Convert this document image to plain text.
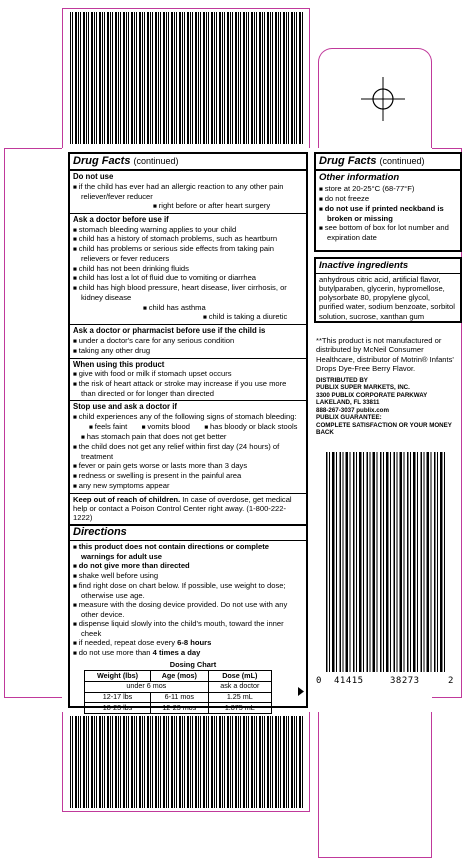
Drug Facts (continued)
Do not use

■ if the child has ever had an allergic reaction to any other pain reliever/fever reducer

■ right before or after heart surgery

Ask a doctor before use if

■ stomach bleeding warning applies to your child

■ child has a history of stomach problems, such as heartburn

■ child has problems or serious side effects from taking pain relievers or fever reducers

■ child has not been drinking fluids

■ child has lost a lot of fluid due to vomiting or diarrhea

■ child has high blood pressure, heart disease, liver cirrhosis, or kidney disease

■ child has asthma

■ child is taking a diuretic

Ask a doctor or pharmacist before use if the child is

■ under a doctor's care for any serious condition

■ taking any other drug

When using this product

■ give with food or milk if stomach upset occurs

■ the risk of heart attack or stroke may increase if you use more than directed or for longer than directed

Stop use and ask a doctor if

■ child experiences any of the following signs of stomach bleeding:

■ feels faint	■ vomits blood	■ has bloody or black stools

■ has stomach pain that does not get better

■ the child does not get any relief within first day (24 hours) of treatment

■ fever or pain gets worse or lasts more than 3 days

■ redness or swelling is present in the painful area

■ any new symptoms appear

Keep out of reach of children. In case of overdose, get medical help or contact a Poison Control Center right away. (1-800-222-1222)
Directions

■ this product does not contain directions or complete warnings for adult use

■ do not give more than directed

■ shake well before using

■ find right dose on chart below. If possible, use weight to dose; otherwise use age.

■ measure with the dosing device provided. Do not use with any other device.

■ dispense liquid slowly into the child's mouth, toward the inner cheek

■ if needed, repeat dose every 6-8 hours

■ do not use more than 4 times a day

Dosing Chart
Weight (lbs)	Age (mos)	Dose (mL)
under 6 mos		ask a doctor
12-17 lbs	6-11 mos	1.25 mL
18-23 lbs	12-23 mos	1.875 mL
Drug Facts (continued)
Other information

■ store at 20-25°C (68-77°F)

■ do not freeze

■ do not use if printed neckband is broken or missing

■ see bottom of box for lot number and expiration date

Inactive ingredients
anhydrous citric acid, artificial flavor, butylparaben, glycerin, hypromellose, polysorbate 80, propylene glycol, purified water, sodium benzoate, sorbitol solution, sucrose, xanthan gum
**This product is not manufactured or distributed by McNeil Consumer Healthcare, distributor of Motrin® Infants' Drops Dye-Free Berry Flavor.
DISTRIBUTED BY
PUBLIX SUPER MARKETS, INC.
3300 PUBLIX CORPORATE PARKWAY
LAKELAND, FL 33811
888-267-3037 publix.com
PUBLIX GUARANTEE:
COMPLETE SATISFACTION OR YOUR MONEY BACK
0 41415	38273	2
